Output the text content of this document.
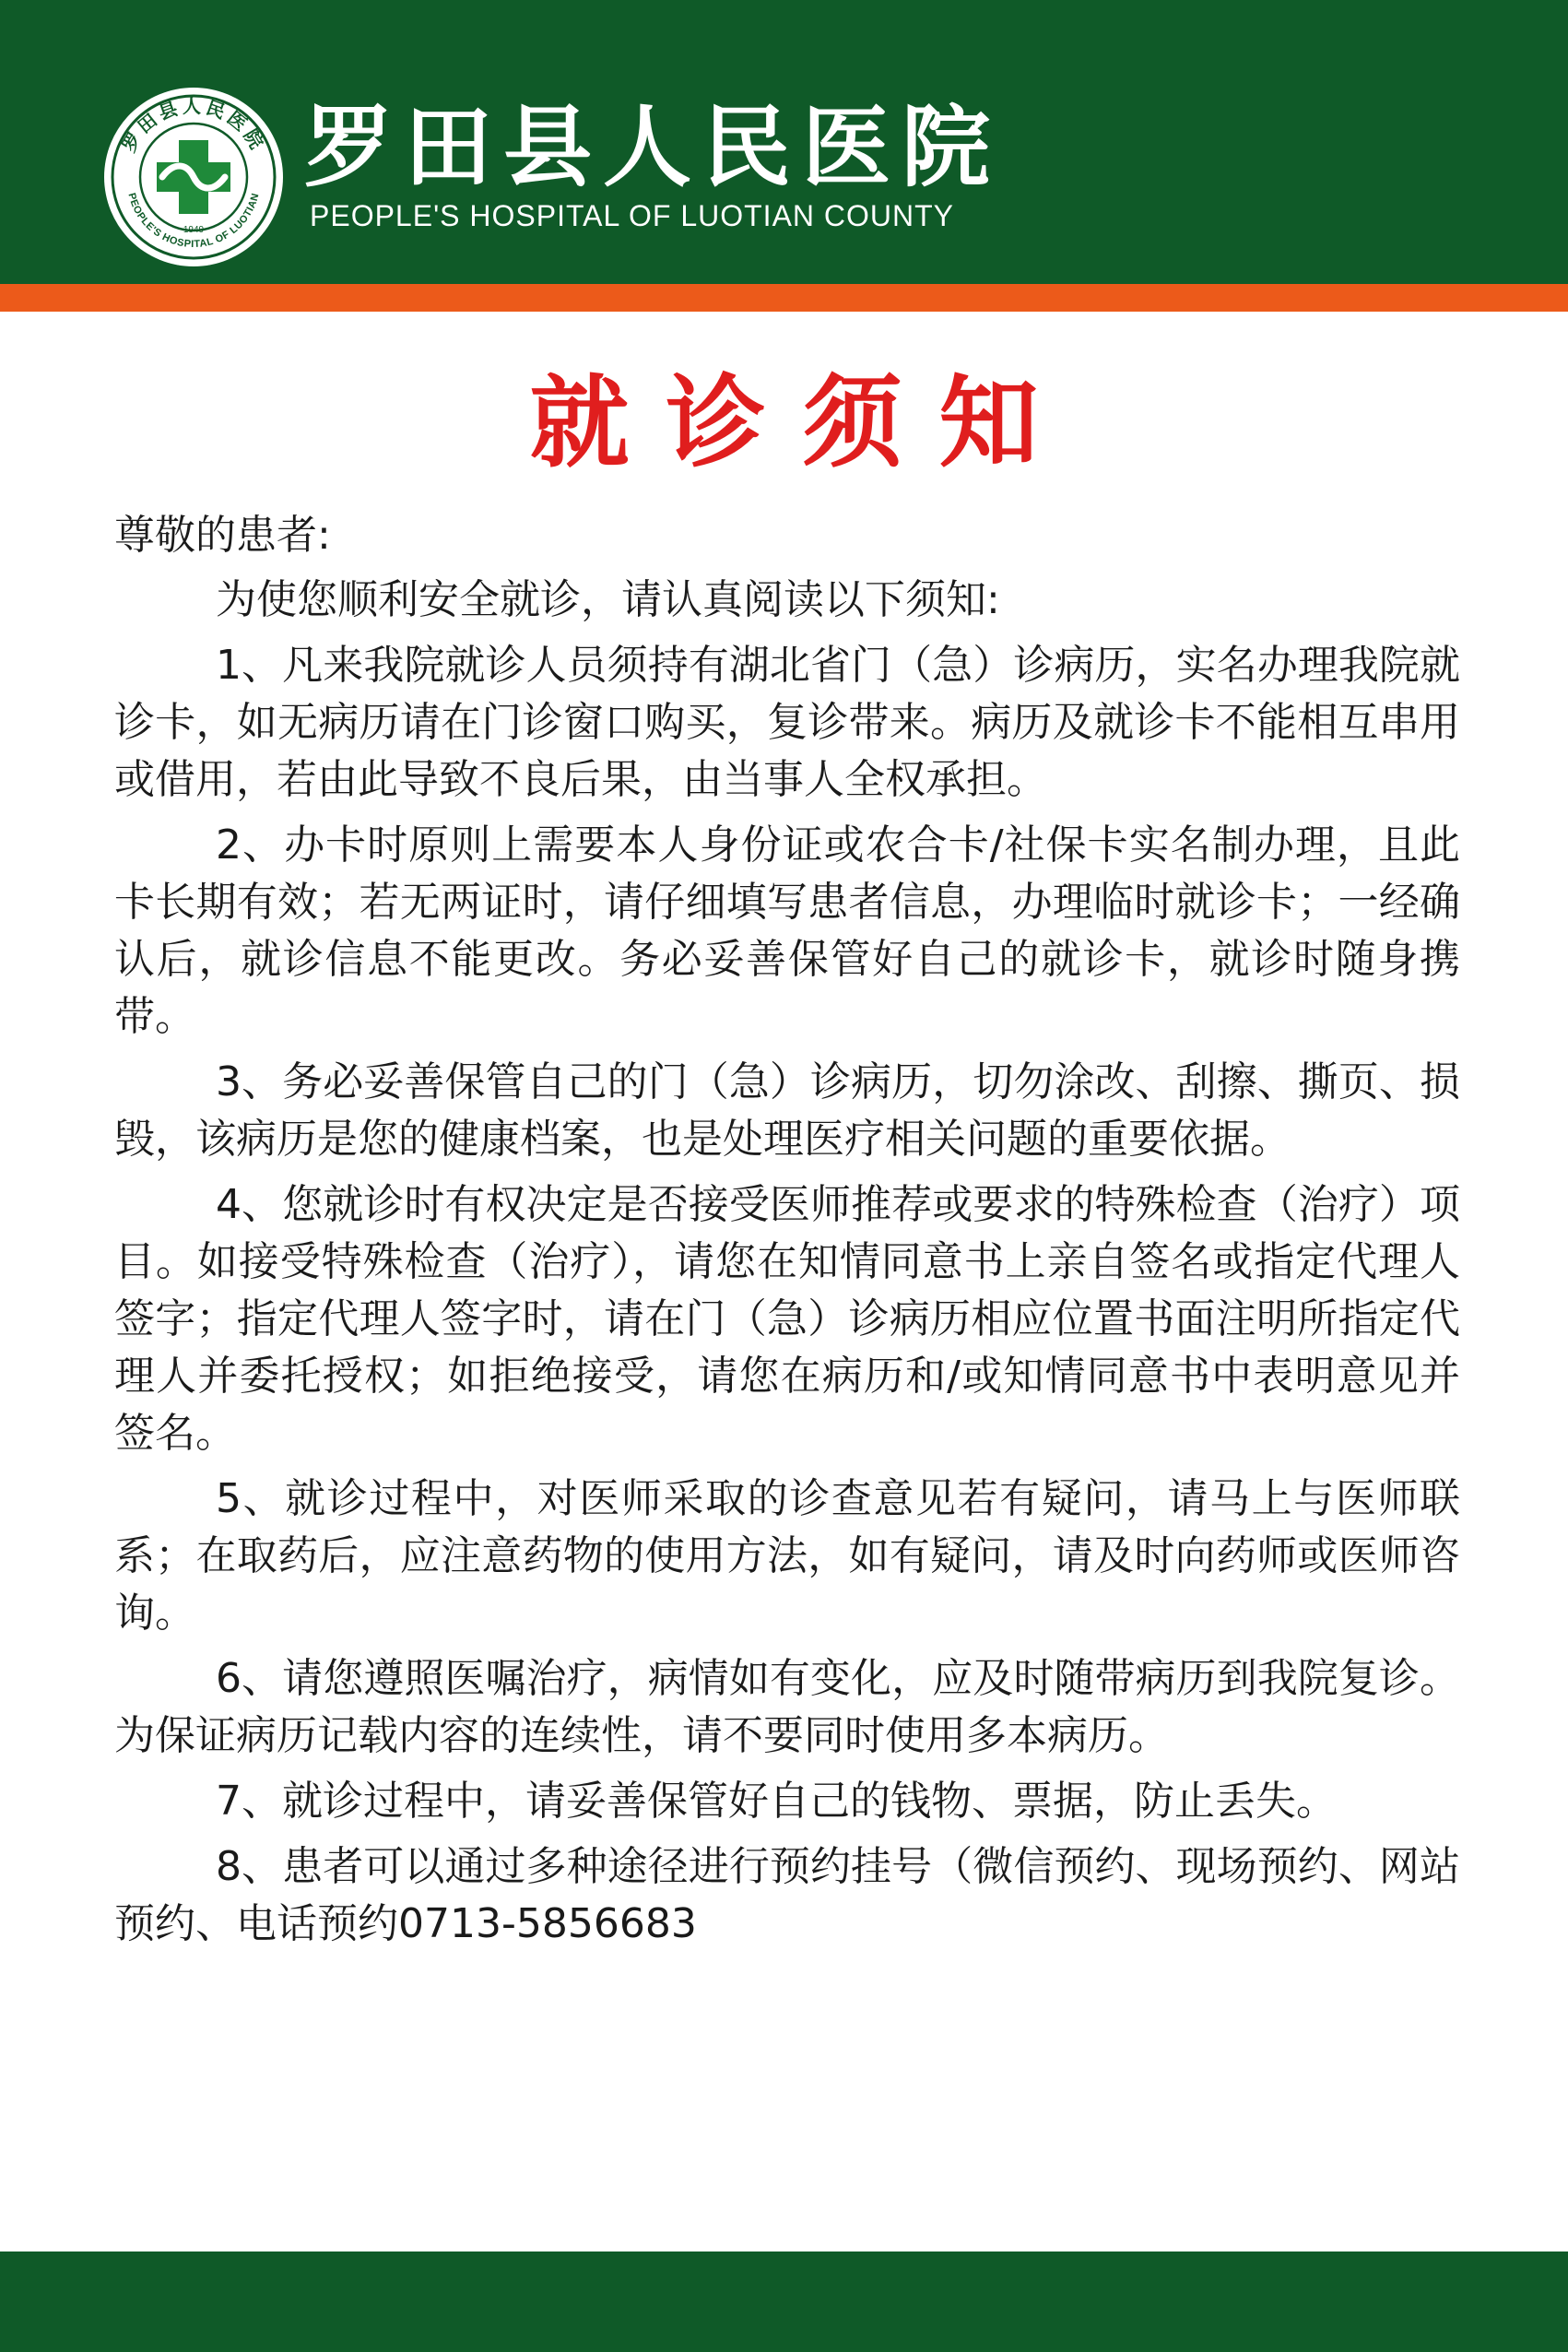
罗田县人民医院
PEOPLE'S HOSPITAL OF LUOTIAN
1949
罗田县人民医院
PEOPLE'S HOSPITAL OF LUOTIAN COUNTY
就诊须知

尊敬的患者:

为使您顺利安全就诊，请认真阅读以下须知:

1、凡来我院就诊人员须持有湖北省门（急）诊病历，实名办理我院就诊卡，如无病历请在门诊窗口购买，复诊带来。病历及就诊卡不能相互串用或借用，若由此导致不良后果，由当事人全权承担。

2、办卡时原则上需要本人身份证或农合卡/社保卡实名制办理，且此卡长期有效；若无两证时，请仔细填写患者信息，办理临时就诊卡；一经确认后，就诊信息不能更改。务必妥善保管好自己的就诊卡，就诊时随身携带。

3、务必妥善保管自己的门（急）诊病历，切勿涂改、刮擦、撕页、损毁，该病历是您的健康档案，也是处理医疗相关问题的重要依据。

4、您就诊时有权决定是否接受医师推荐或要求的特殊检查（治疗）项目。如接受特殊检查（治疗），请您在知情同意书上亲自签名或指定代理人签字；指定代理人签字时，请在门（急）诊病历相应位置书面注明所指定代理人并委托授权；如拒绝接受，请您在病历和/或知情同意书中表明意见并签名。

5、就诊过程中，对医师采取的诊查意见若有疑问，请马上与医师联系；在取药后，应注意药物的使用方法，如有疑问，请及时向药师或医师咨询。

6、请您遵照医嘱治疗，病情如有变化，应及时随带病历到我院复诊。为保证病历记载内容的连续性，请不要同时使用多本病历。

7、就诊过程中，请妥善保管好自己的钱物、票据，防止丢失。

8、患者可以通过多种途径进行预约挂号（微信预约、现场预约、网站预约、电话预约0713-5856683
